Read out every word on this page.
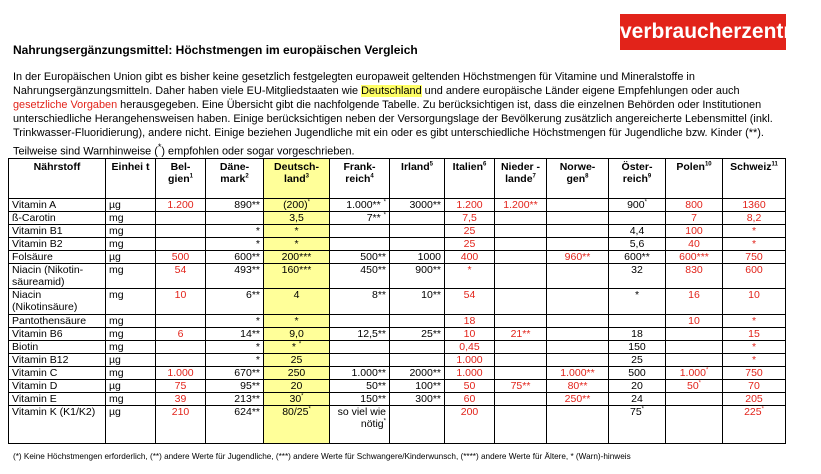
verbraucherzentrale
Nahrungsergänzungsmittel: Höchstmengen im europäischen Vergleich
In der Europäischen Union gibt es bisher keine gesetzlich festgelegten europaweit geltenden Höchstmengen für Vitamine und Mineralstoffe in Nahrungsergänzungsmitteln. Daher haben viele EU-Mitgliedstaaten wie Deutschland und andere europäische Länder eigene Empfehlungen oder auch gesetzliche Vorgaben herausgegeben. Eine Übersicht gibt die nachfolgende Tabelle. Zu berücksichtigen ist, dass die einzelnen Behörden oder Institutionen unterschiedliche Herangehensweisen haben. Einige berücksichtigen neben der Versorgungslage der Bevölkerung zusätzlich angereicherte Lebensmittel (inkl. Trinkwasser-Fluoridierung), andere nicht. Einige beziehen Jugendliche mit ein oder es gibt unterschiedliche Höchstmengen für Jugendliche bzw. Kinder (**). Teilweise sind Warnhinweise (*) empfohlen oder sogar vorgeschrieben.
Nährstoff	Einhei t	Bel- gien$^1$	Däne- mark$^2$	Deutsch- land$^3$	Frank- reich$^4$	Irland$^5$	Italien$^6$	Nieder - lande$^7$	Norwe- gen$^8$	Öster- reich$^9$	Polen$^{10}$	Schweiz$^{11}$
Vitamin A	µg	1.200	890**	(200)*	1.000** *	3000**	1.200	1.200**		900*	800	1360
ß-Carotin	mg			3,5	7** *		7,5				7	8,2
Vitamin B1	mg		*	*			25			4,4	100	*
Vitamin B2	mg		*	*			25			5,6	40	*
Folsäure	µg	500	600**	200***	500**	1000	400		960**	600**	600***	750
Niacin (Nikotin-säureamid)	mg	54	493**	160***	450**	900**	*			32	830	600
Niacin (Nikotinsäure)	mg	10	6**	4	8**	10**	54			*	16	10
Pantothensäure	mg		*	*			18				10	*
Vitamin B6	mg	6	14**	9,0	12,5**	25**	10	21**		18		15
Biotin	mg		*	* *			0,45			150		*
Vitamin B12	µg		*	25			1.000			25		*
Vitamin C	mg	1.000	670**	250	1.000**	2000**	1.000		1.000**	500	1.000*	750
Vitamin D	µg	75	95**	20	50**	100**	50	75**	80**	20	50*	70
Vitamin E	mg	39	213**	30*	150**	300**	60		250**	24		205
Vitamin K (K1/K2)	µg	210	624**	80/25*	so viel wie nötig*		200			75*		225*
(*) Keine Höchstmengen erforderlich, (**) andere Werte für Jugendliche, (***) andere Werte für Schwangere/Kinderwunsch, (****) andere Werte für Ältere, * (Warn)-hinweis
